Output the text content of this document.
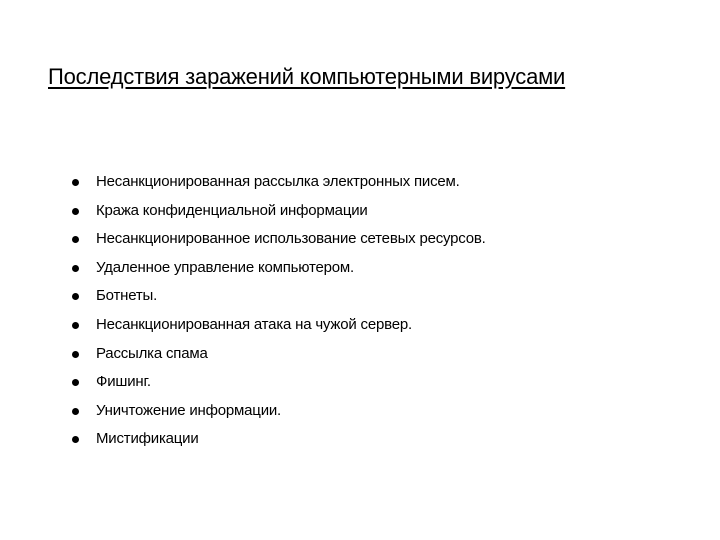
Последствия заражений компьютерными вирусами
Несанкционированная рассылка электронных писем.
Кража конфиденциальной информации
Несанкционированное использование сетевых ресурсов.
Удаленное управление компьютером.
Ботнеты.
Несанкционированная атака на чужой сервер.
Рассылка спама
Фишинг.
Уничтожение информации.
Мистификации
